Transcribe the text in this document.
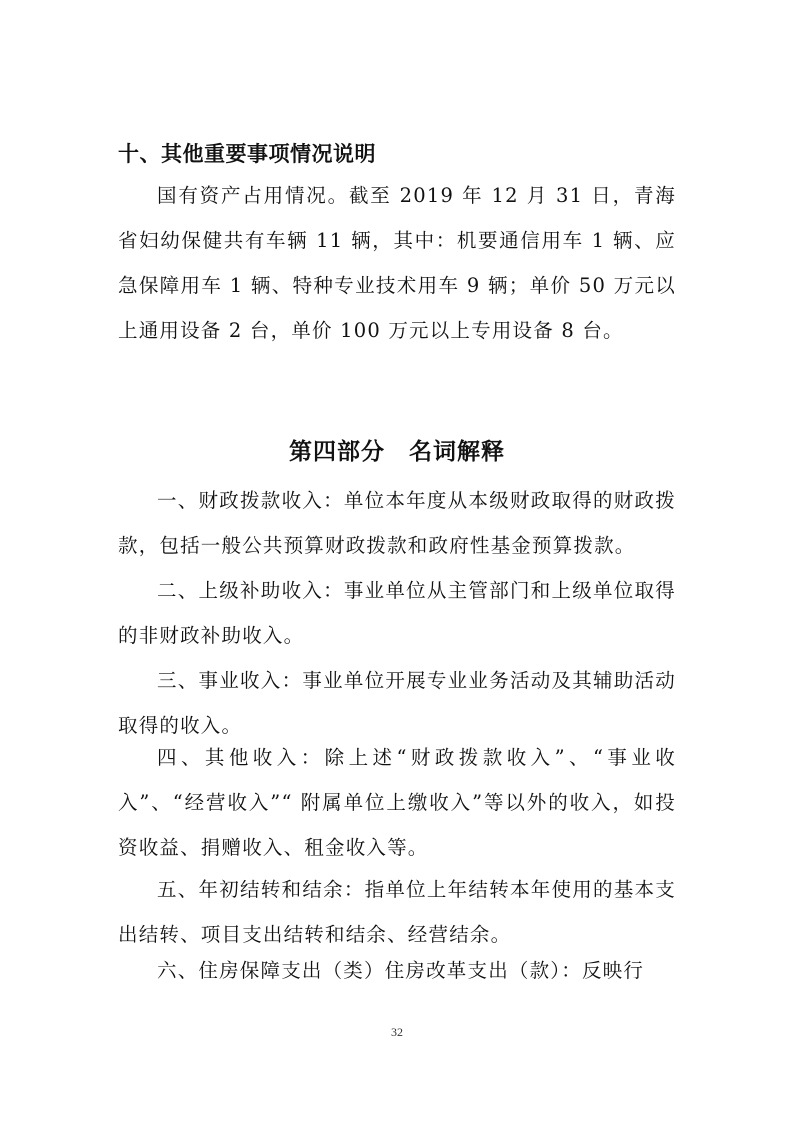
十、其他重要事项情况说明

国有资产占用情况。截至 2019 年 12 月 31 日，青海省妇幼保健共有车辆 11 辆，其中：机要通信用车 1 辆、应急保障用车 1 辆、特种专业技术用车 9 辆；单价 50 万元以上通用设备 2 台，单价 100 万元以上专用设备 8 台。

第四部分　名词解释

一、财政拨款收入：单位本年度从本级财政取得的财政拨款，包括一般公共预算财政拨款和政府性基金预算拨款。

二、上级补助收入：事业单位从主管部门和上级单位取得的非财政补助收入。

三、事业收入：事业单位开展专业业务活动及其辅助活动取得的收入。

四、其他收入：除上述“财政拨款收入”、“事业收入”、“经营收入”“ 附属单位上缴收入”等以外的收入，如投资收益、捐赠收入、租金收入等。

五、年初结转和结余：指单位上年结转本年使用的基本支出结转、项目支出结转和结余、经营结余。

六、住房保障支出（类）住房改革支出（款）：反映行

32
